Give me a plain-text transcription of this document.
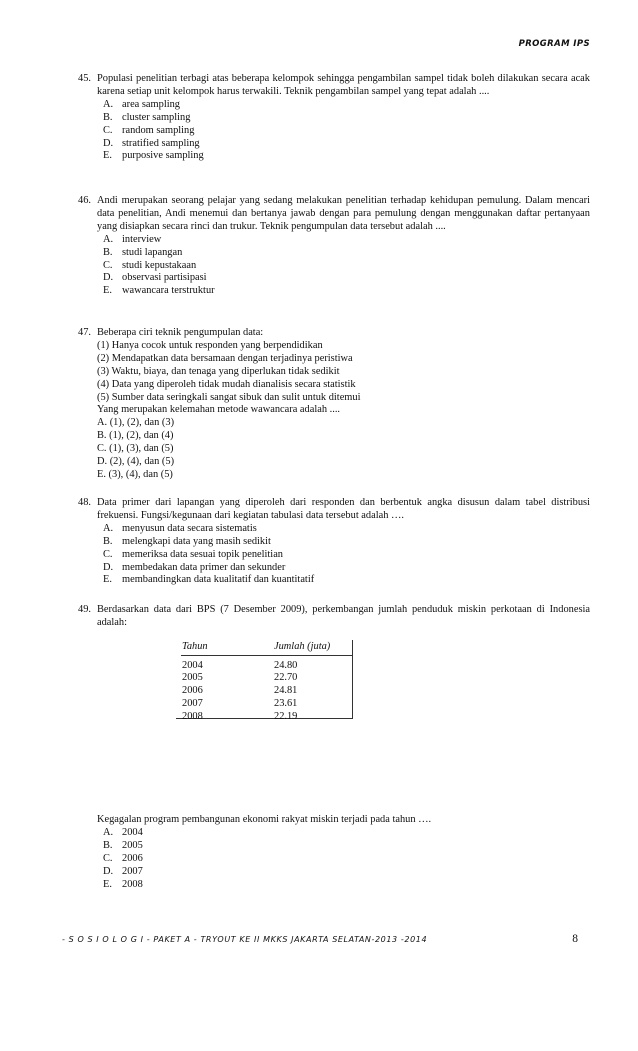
PROGRAM IPS
45. Populasi penelitian terbagi atas beberapa kelompok sehingga pengambilan sampel tidak boleh dilakukan secara acak karena setiap unit kelompok harus terwakili. Teknik pengambilan sampel yang tepat adalah ....
A. area sampling
B. cluster sampling
C. random sampling
D. stratified sampling
E. purposive sampling
46. Andi merupakan seorang pelajar yang sedang melakukan penelitian terhadap kehidupan pemulung. Dalam mencari data penelitian, Andi menemui dan bertanya jawab dengan para pemulung dengan menggunakan daftar pertanyaan yang disiapkan secara rinci dan trukur. Teknik pengumpulan data tersebut adalah ....
A. interview
B. studi lapangan
C. studi kepustakaan
D. observasi partisipasi
E. wawancara terstruktur
47. Beberapa ciri teknik pengumpulan data:
(1) Hanya cocok untuk responden yang berpendidikan
(2) Mendapatkan data bersamaan dengan terjadinya peristiwa
(3) Waktu, biaya, dan tenaga yang diperlukan tidak sedikit
(4) Data yang diperoleh tidak mudah dianalisis secara statistik
(5) Sumber data seringkali sangat sibuk dan sulit untuk ditemui
Yang merupakan kelemahan metode wawancara adalah ....
A. (1), (2), dan (3)
B. (1), (2), dan (4)
C. (1), (3), dan (5)
D. (2), (4), dan (5)
E. (3), (4), dan (5)
48. Data primer dari lapangan yang diperoleh dari responden dan berbentuk angka disusun dalam tabel distribusi frekuensi. Fungsi/kegunaan dari kegiatan tabulasi data tersebut adalah ….
A. menyusun data secara sistematis
B. melengkapi data yang masih sedikit
C. memeriksa data sesuai topik penelitian
D. membedakan data primer dan sekunder
E. membandingkan data kualitatif dan kuantitatif
49. Berdasarkan data dari BPS (7 Desember 2009), perkembangan jumlah penduduk miskin perkotaan di Indonesia adalah:
Tahun	Jumlah (juta)
2004	24.80
2005	22.70
2006	24.81
2007	23.61
2008	22.19
Kegagalan program pembangunan ekonomi rakyat miskin terjadi pada tahun ….
A. 2004
B. 2005
C. 2006
D. 2007
E. 2008
- S O S I O L O G I - PAKET A - TRYOUT KE II MKKS JAKARTA SELATAN-2013 -2014	8
